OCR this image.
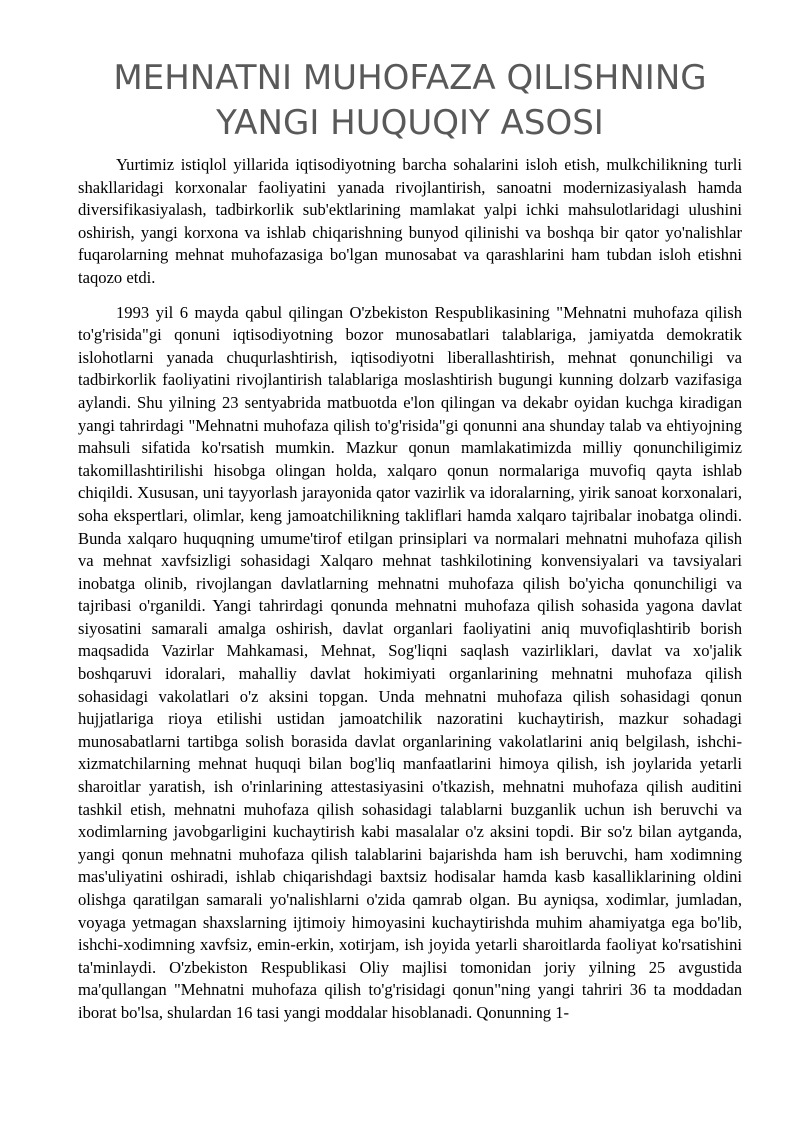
MEHNATNI MUHOFAZA QILISHNING
YANGI HUQUQIY ASOSI

Yurtimiz istiqlol yillarida iqtisodiyotning barcha sohalarini isloh etish, mulkchilikning turli shakllaridagi korxonalar faoliyatini yanada rivojlantirish, sanoatni modernizasiyalash hamda diversifikasiyalash, tadbirkorlik sub'ektlarining mamlakat yalpi ichki mahsulotlaridagi ulushini oshirish, yangi korxona va ishlab chiqarishning bunyod qilinishi va boshqa bir qator yo'nalishlar fuqarolarning mehnat muhofazasiga bo'lgan munosabat va qarashlarini ham tubdan isloh etishni taqozo etdi.

1993 yil 6 mayda qabul qilingan O'zbekiston Respublikasining "Mehnatni muhofaza qilish to'g'risida"gi qonuni iqtisodiyotning bozor munosabatlari talablariga, jamiyatda demokratik islohotlarni yanada chuqurlashtirish, iqtisodiyotni liberallashtirish, mehnat qonunchiligi va tadbirkorlik faoliyatini rivojlantirish talablariga moslashtirish bugungi kunning dolzarb vazifasiga aylandi. Shu yilning 23 sentyabrida matbuotda e'lon qilingan va dekabr oyidan kuchga kiradigan yangi tahrirdagi "Mehnatni muhofaza qilish to'g'risida"gi qonunni ana shunday talab va ehtiyojning mahsuli sifatida ko'rsatish mumkin. Mazkur qonun mamlakatimizda milliy qonunchiligimiz takomillashtirilishi hisobga olingan holda, xalqaro qonun normalariga muvofiq qayta ishlab chiqildi. Xususan, uni tayyorlash jarayonida qator vazirlik va idoralarning, yirik sanoat korxonalari, soha ekspertlari, olimlar, keng jamoatchilikning takliflari hamda xalqaro tajribalar inobatga olindi. Bunda xalqaro huquqning umume'tirof etilgan prinsiplari va normalari mehnatni muhofaza qilish va mehnat xavfsizligi sohasidagi Xalqaro mehnat tashkilotining konvensiyalari va tavsiyalari inobatga olinib, rivojlangan davlatlarning mehnatni muhofaza qilish bo'yicha qonunchiligi va tajribasi o'rganildi. Yangi tahrirdagi qonunda mehnatni muhofaza qilish sohasida yagona davlat siyosatini samarali amalga oshirish, davlat organlari faoliyatini aniq muvofiqlashtirib borish maqsadida Vazirlar Mahkamasi, Mehnat, Sog'liqni saqlash vazirliklari, davlat va xo'jalik boshqaruvi idoralari, mahalliy davlat hokimiyati organlarining mehnatni muhofaza qilish sohasidagi vakolatlari o'z aksini topgan. Unda mehnatni muhofaza qilish sohasidagi qonun hujjatlariga rioya etilishi ustidan jamoatchilik nazoratini kuchaytirish, mazkur sohadagi munosabatlarni tartibga solish borasida davlat organlarining vakolatlarini aniq belgilash, ishchi-xizmatchilarning mehnat huquqi bilan bog'liq manfaatlarini himoya qilish, ish joylarida yetarli sharoitlar yaratish, ish o'rinlarining attestasiyasini o'tkazish, mehnatni muhofaza qilish auditini tashkil etish, mehnatni muhofaza qilish sohasidagi talablarni buzganlik uchun ish beruvchi va xodimlarning javobgarligini kuchaytirish kabi masalalar o'z aksini topdi. Bir so'z bilan aytganda, yangi qonun mehnatni muhofaza qilish talablarini bajarishda ham ish beruvchi, ham xodimning mas'uliyatini oshiradi, ishlab chiqarishdagi baxtsiz hodisalar hamda kasb kasalliklarining oldini olishga qaratilgan samarali yo'nalishlarni o'zida qamrab olgan. Bu ayniqsa, xodimlar, jumladan, voyaga yetmagan shaxslarning ijtimoiy himoyasini kuchaytirishda muhim ahamiyatga ega bo'lib, ishchi-xodimning xavfsiz, emin-erkin, xotirjam, ish joyida yetarli sharoitlarda faoliyat ko'rsatishini ta'minlaydi. O'zbekiston Respublikasi Oliy majlisi tomonidan joriy yilning 25 avgustida ma'qullangan "Mehnatni muhofaza qilish to'g'risidagi qonun"ning yangi tahriri 36 ta moddadan iborat bo'lsa, shulardan 16 tasi yangi moddalar hisoblanadi. Qonunning 1-
